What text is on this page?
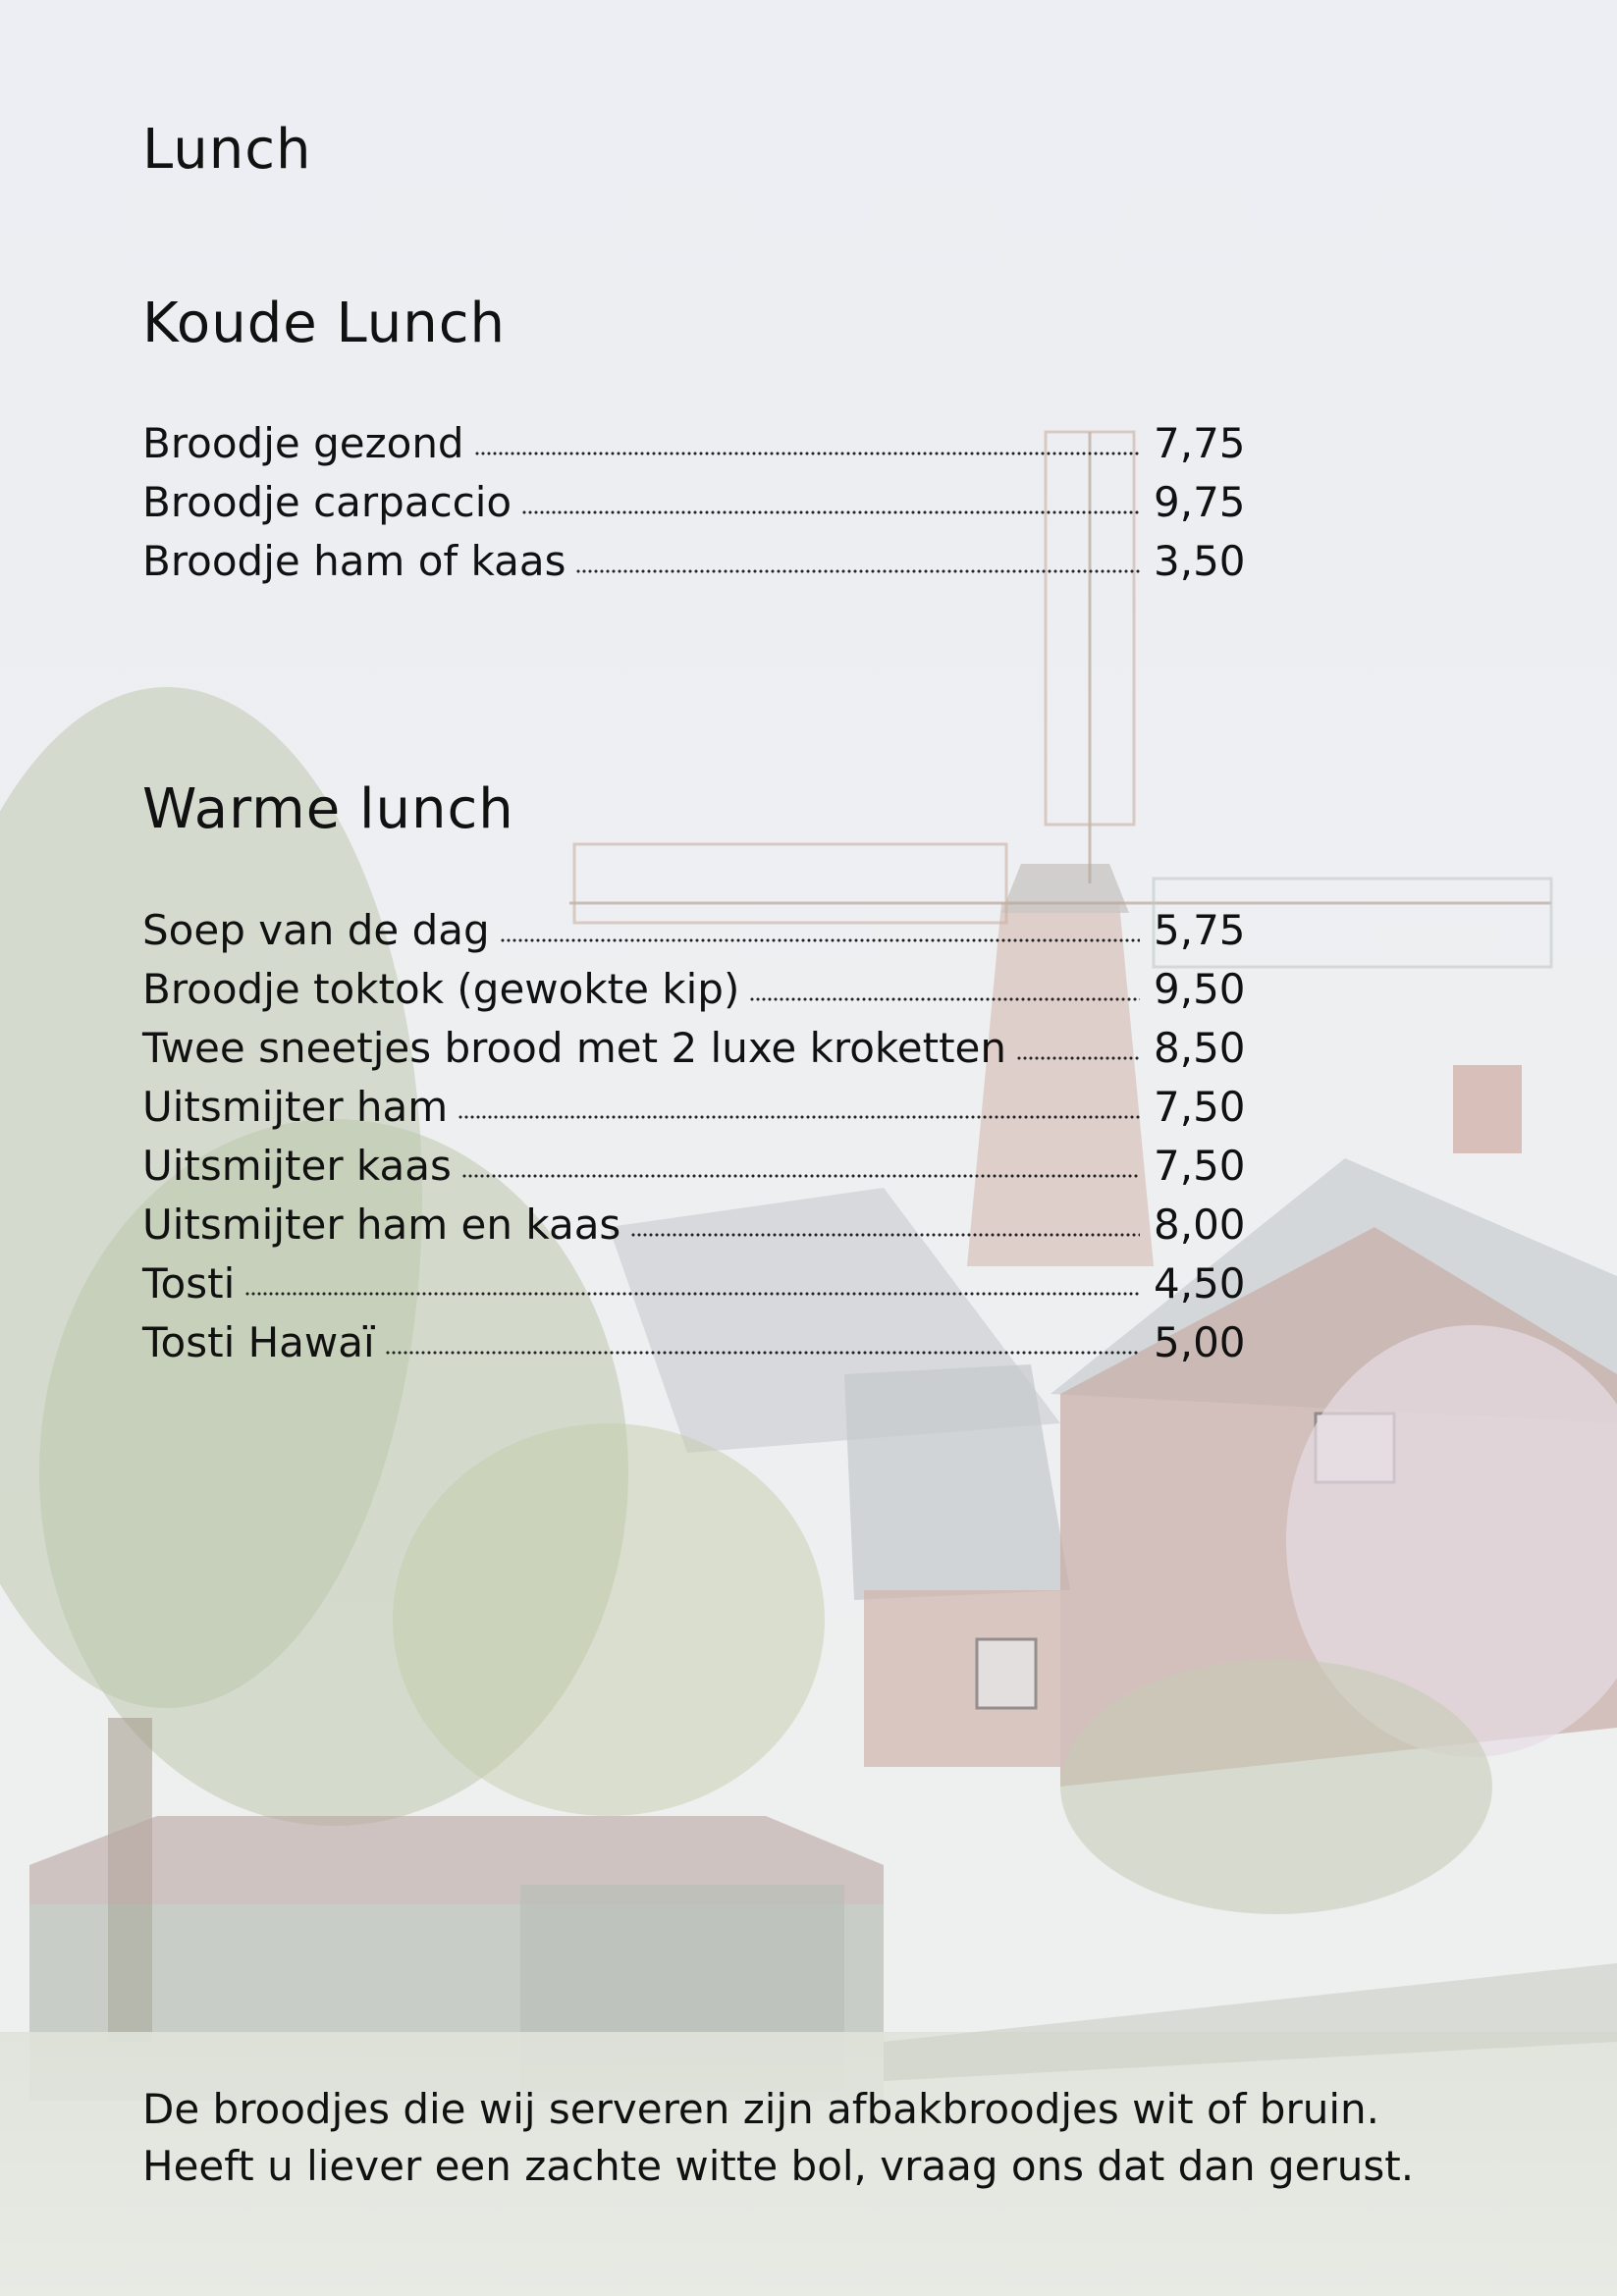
Lunch
Koude Lunch
Broodje gezond	7,75
Broodje carpaccio	9,75
Broodje ham of kaas	3,50
Warme lunch
Soep van de dag	5,75
Broodje toktok (gewokte kip)	9,50
Twee sneetjes brood met 2 luxe kroketten	8,50
Uitsmijter ham	7,50
Uitsmijter kaas	7,50
Uitsmijter ham en kaas	8,00
Tosti	4,50
Tosti Hawaï	5,00
De broodjes die wij serveren zijn afbakbroodjes wit of bruin.
Heeft u liever een zachte witte bol, vraag ons dat dan gerust.
